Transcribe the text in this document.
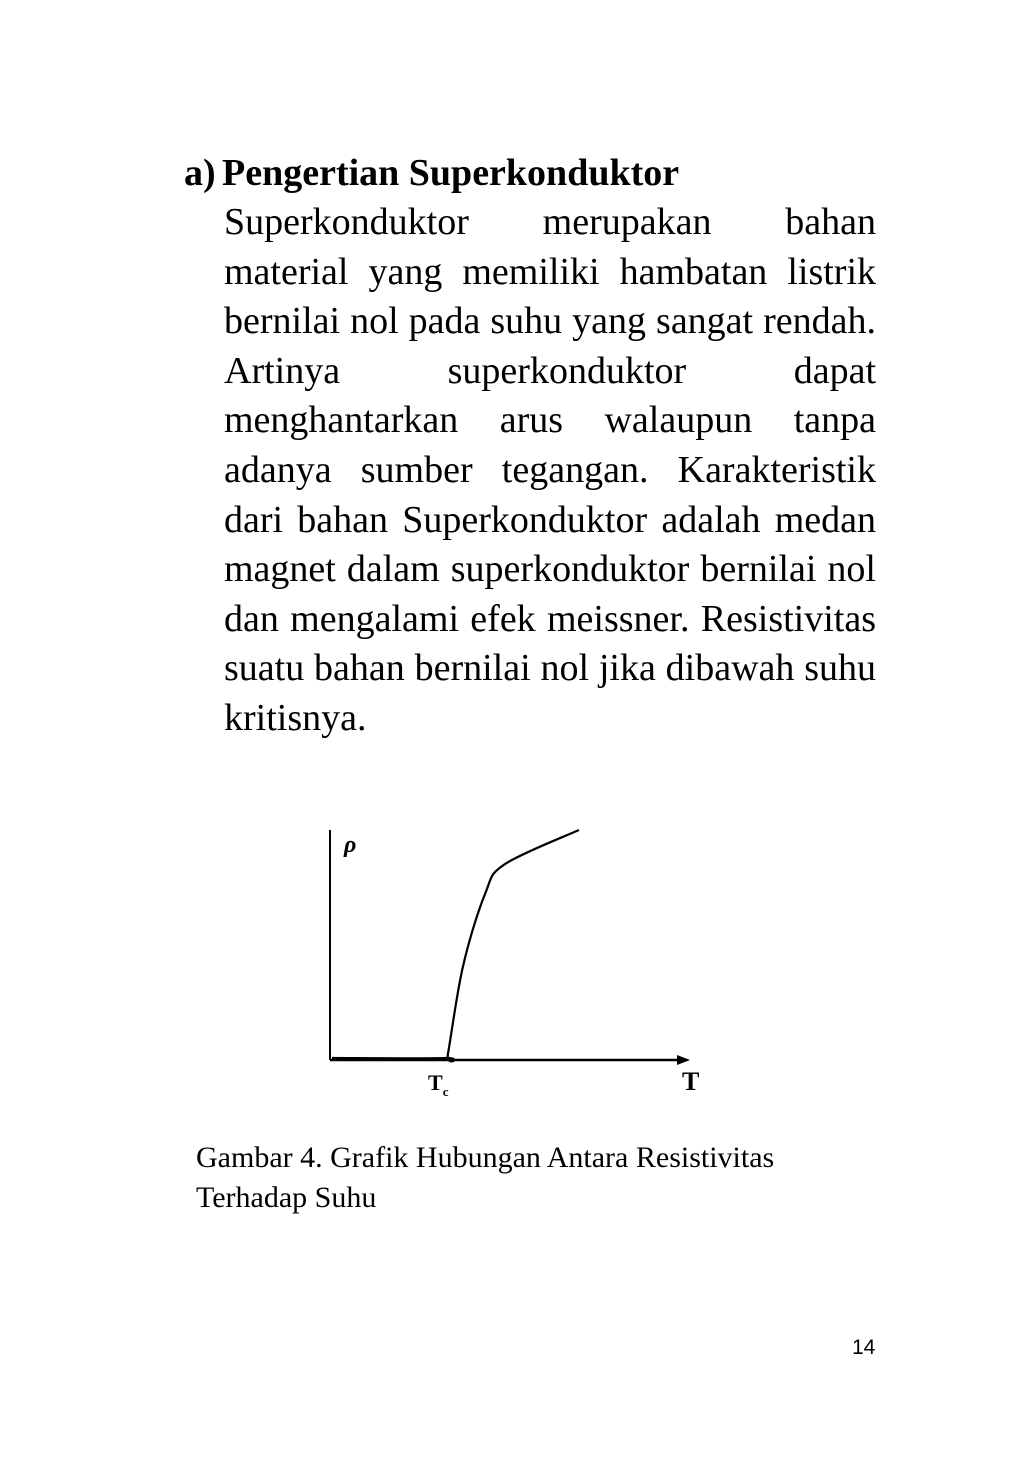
a) Pengertian Superkonduktor

Superkonduktor merupakan bahan material yang memiliki hambatan listrik bernilai nol pada suhu yang sangat rendah. Artinya superkonduktor dapat menghantarkan arus walaupun tanpa adanya sumber tegangan. Karakteristik dari bahan Superkonduktor adalah medan magnet dalam superkonduktor bernilai nol dan mengalami efek meissner. Resistivitas suatu bahan bernilai nol jika dibawah suhu kritisnya.

ρ
T
$T_c$

Gambar 4. Grafik Hubungan Antara Resistivitas Terhadap Suhu

14
